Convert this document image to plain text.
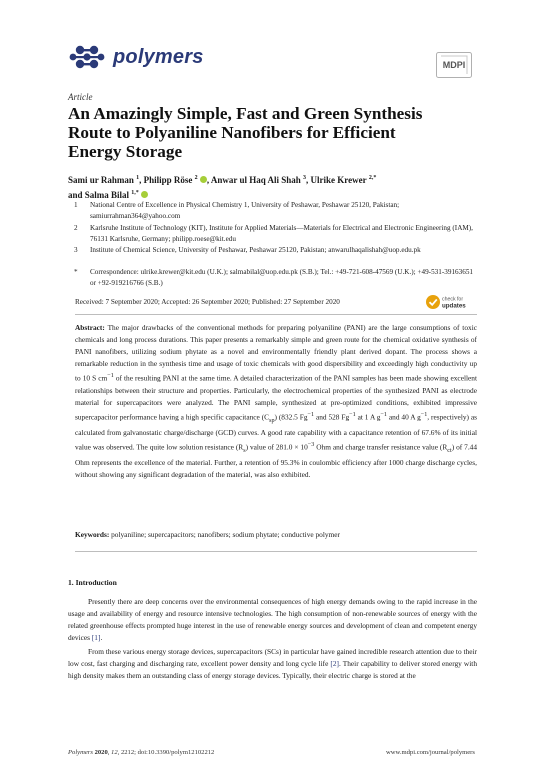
polymers	MDPI
Article
An Amazingly Simple, Fast and Green Synthesis Route to Polyaniline Nanofibers for Efficient Energy Storage
Sami ur Rahman $^1$, Philipp Röse $^2$ , Anwar ul Haq Ali Shah $^3$, Ulrike Krewer $^{2,*}$
and Salma Bilal $^{1,*}$
1	National Centre of Excellence in Physical Chemistry 1, University of Peshawar, Peshawar 25120, Pakistan; samiurrahman364@yahoo.com
2	Karlsruhe Institute of Technology (KIT), Institute for Applied Materials—Materials for Electrical and Electronic Engineering (IAM), 76131 Karlsruhe, Germany; philipp.roese@kit.edu
3	Institute of Chemical Science, University of Peshawar, Peshawar 25120, Pakistan; anwarulhaqalishah@uop.edu.pk
*	Correspondence: ulrike.krewer@kit.edu (U.K.); salmabilal@uop.edu.pk (S.B.); Tel.: +49-721-608-47569 (U.K.); +49-531-39163651 or +92-919216766 (S.B.)
Received: 7 September 2020; Accepted: 26 September 2020; Published: 27 September 2020	check for
updates
Abstract: The major drawbacks of the conventional methods for preparing polyaniline (PANI) are the large consumptions of toxic chemicals and long process durations. This paper presents a remarkably simple and green route for the chemical oxidative synthesis of PANI nanofibers, utilizing sodium phytate as a novel and environmentally friendly plant derived dopant. The process shows a remarkable reduction in the synthesis time and usage of toxic chemicals with good dispersibility and exceedingly high conductivity up to 10 S $cm^{-1}$ of the resulting PANI at the same time. A detailed characterization of the PANI samples has been made showing excellent relationships between their structure and properties. Particularly, the electrochemical properties of the synthesized PANI as electrode material for supercapacitors were analyzed. The PANI sample, synthesized at pre-optimized conditions, exhibited impressive supercapacitor performance having a high specific capacitance $(C_{sp})$ (832.5 $Fg^{-1}$ and 528 $Fg^{-1}$ at 1 A $g^{-1}$ and 40 A $g^{-1}$, respectively) as calculated from galvanostatic charge/discharge (GCD) curves. A good rate capability with a capacitance retention of 67.6% of its initial value was observed. The quite low solution resistance $(R_s)$ value of $281.0 \times 10^{-3}$ Ohm and charge transfer resistance value $(R_{ct})$ of 7.44 Ohm represents the excellence of the material. Further, a retention of 95.3% in coulombic efficiency after 1000 charge discharge cycles, without showing any significant degradation of the material, was also exhibited.
Keywords: polyaniline; supercapacitors; nanofibers; sodium phytate; conductive polymer
1. Introduction

Presently there are deep concerns over the environmental consequences of high energy demands owing to the rapid increase in the usage and availability of energy and resource intensive technologies. The high consumption of non-renewable sources of energy with the related greenhouse effects prompted huge interest in the use of renewable energy sources and development of clean and competent energy devices [1].

From these various energy storage devices, supercapacitors (SCs) in particular have gained incredible research attention due to their low cost, fast charging and discharging rate, excellent power density and long cycle life [2]. Their capability to deliver stored energy with high density makes them an outstanding class of energy storage devices. Typically, their electric charge is stored at the

Polymers 2020, 12, 2212; doi:10.3390/polym12102212	www.mdpi.com/journal/polymers
